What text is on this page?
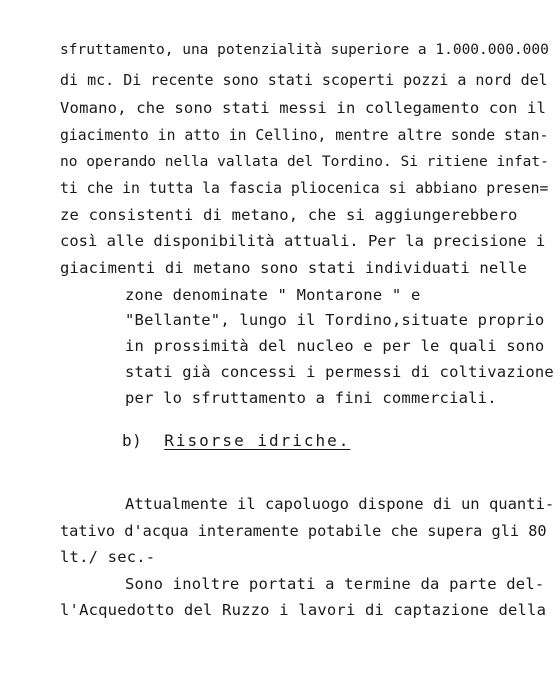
sfruttamento, una potenzialità superiore a 1.000.000.000
di mc. Di recente sono stati scoperti pozzi a nord del
Vomano, che sono stati messi in collegamento con il
giacimento in atto in Cellino, mentre altre sonde stan-
no operando nella vallata del Tordino. Si ritiene infat-
ti che in tutta la fascia pliocenica si abbiano presen=
ze consistenti di metano, che si aggiungerebbero
così alle disponibilità attuali. Per la precisione i
giacimenti di metano sono stati individuati nelle
zone denominate " Montarone " e
"Bellante", lungo il Tordino,situate proprio
in prossimità del nucleo e per le quali sono
stati già concessi i permessi di coltivazione
per lo sfruttamento a fini commerciali.
b) Risorse idriche.
Attualmente il capoluogo dispone di un quanti-
tativo d'acqua interamente potabile che supera gli 80
lt./ sec.-
Sono inoltre portati a termine da parte del-
l'Acquedotto del Ruzzo i lavori di captazione della
